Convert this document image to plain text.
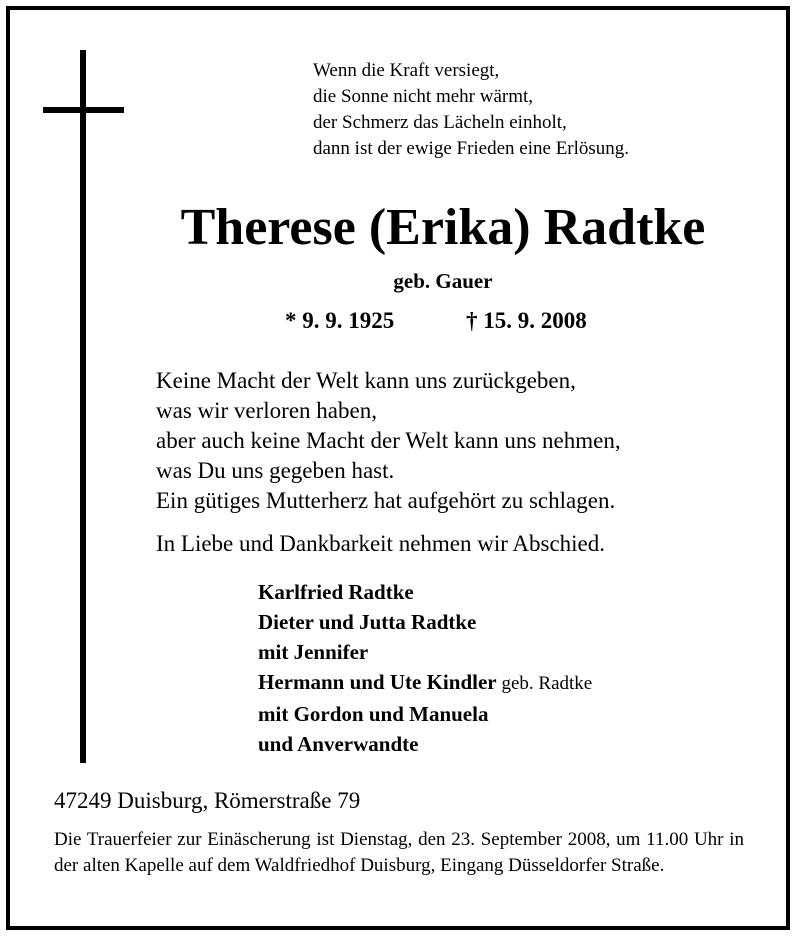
Wenn die Kraft versiegt,
die Sonne nicht mehr wärmt,
der Schmerz das Lächeln einholt,
dann ist der ewige Frieden eine Erlösung.
Therese (Erika) Radtke
geb. Gauer
* 9. 9. 1925	† 15. 9. 2008
Keine Macht der Welt kann uns zurückgeben,
was wir verloren haben,
aber auch keine Macht der Welt kann uns nehmen,
was Du uns gegeben hast.
Ein gütiges Mutterherz hat aufgehört zu schlagen.
In Liebe und Dankbarkeit nehmen wir Abschied.
Karlfried Radtke
Dieter und Jutta Radtke
mit Jennifer
Hermann und Ute Kindler geb. Radtke
mit Gordon und Manuela
und Anverwandte
47249 Duisburg, Römerstraße 79
Die Trauerfeier zur Einäscherung ist Dienstag, den 23. September 2008, um 11.00 Uhr in der alten Kapelle auf dem Waldfriedhof Duisburg, Eingang Düsseldorfer Straße.
